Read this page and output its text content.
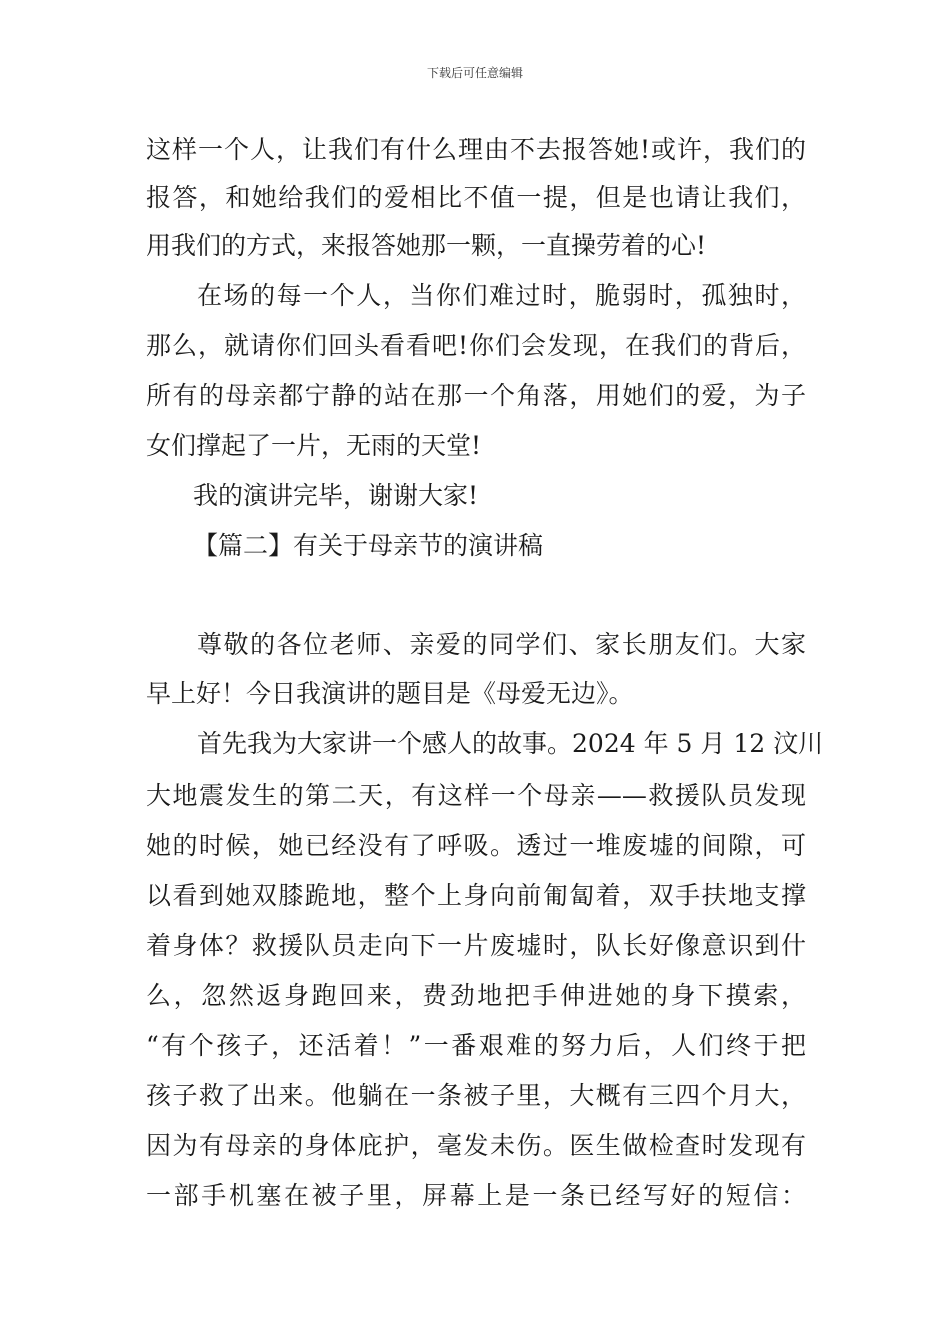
下载后可任意编辑
这样一个人，让我们有什么理由不去报答她!或许，我们的
报答，和她给我们的爱相比不值一提，但是也请让我们，
用我们的方式，来报答她那一颗，一直操劳着的心!
在场的每一个人，当你们难过时，脆弱时，孤独时，
那么，就请你们回头看看吧!你们会发现，在我们的背后，
所有的母亲都宁静的站在那一个角落，用她们的爱，为子
女们撑起了一片，无雨的天堂!
我的演讲完毕，谢谢大家!
【篇二】有关于母亲节的演讲稿
尊敬的各位老师、亲爱的同学们、家长朋友们。大家
早上好！今日我演讲的题目是《母爱无边》。
首先我为大家讲一个感人的故事。2024 年 5 月 12 汶川
大地震发生的第二天，有这样一个母亲——救援队员发现
她的时候，她已经没有了呼吸。透过一堆废墟的间隙，可
以看到她双膝跪地，整个上身向前匍匐着，双手扶地支撑
着身体？救援队员走向下一片废墟时，队长好像意识到什
么，忽然返身跑回来，费劲地把手伸进她的身下摸索，
“有个孩子，还活着！”一番艰难的努力后，人们终于把
孩子救了出来。他躺在一条被子里，大概有三四个月大，
因为有母亲的身体庇护，毫发未伤。医生做检查时发现有
一部手机塞在被子里，屏幕上是一条已经写好的短信：
